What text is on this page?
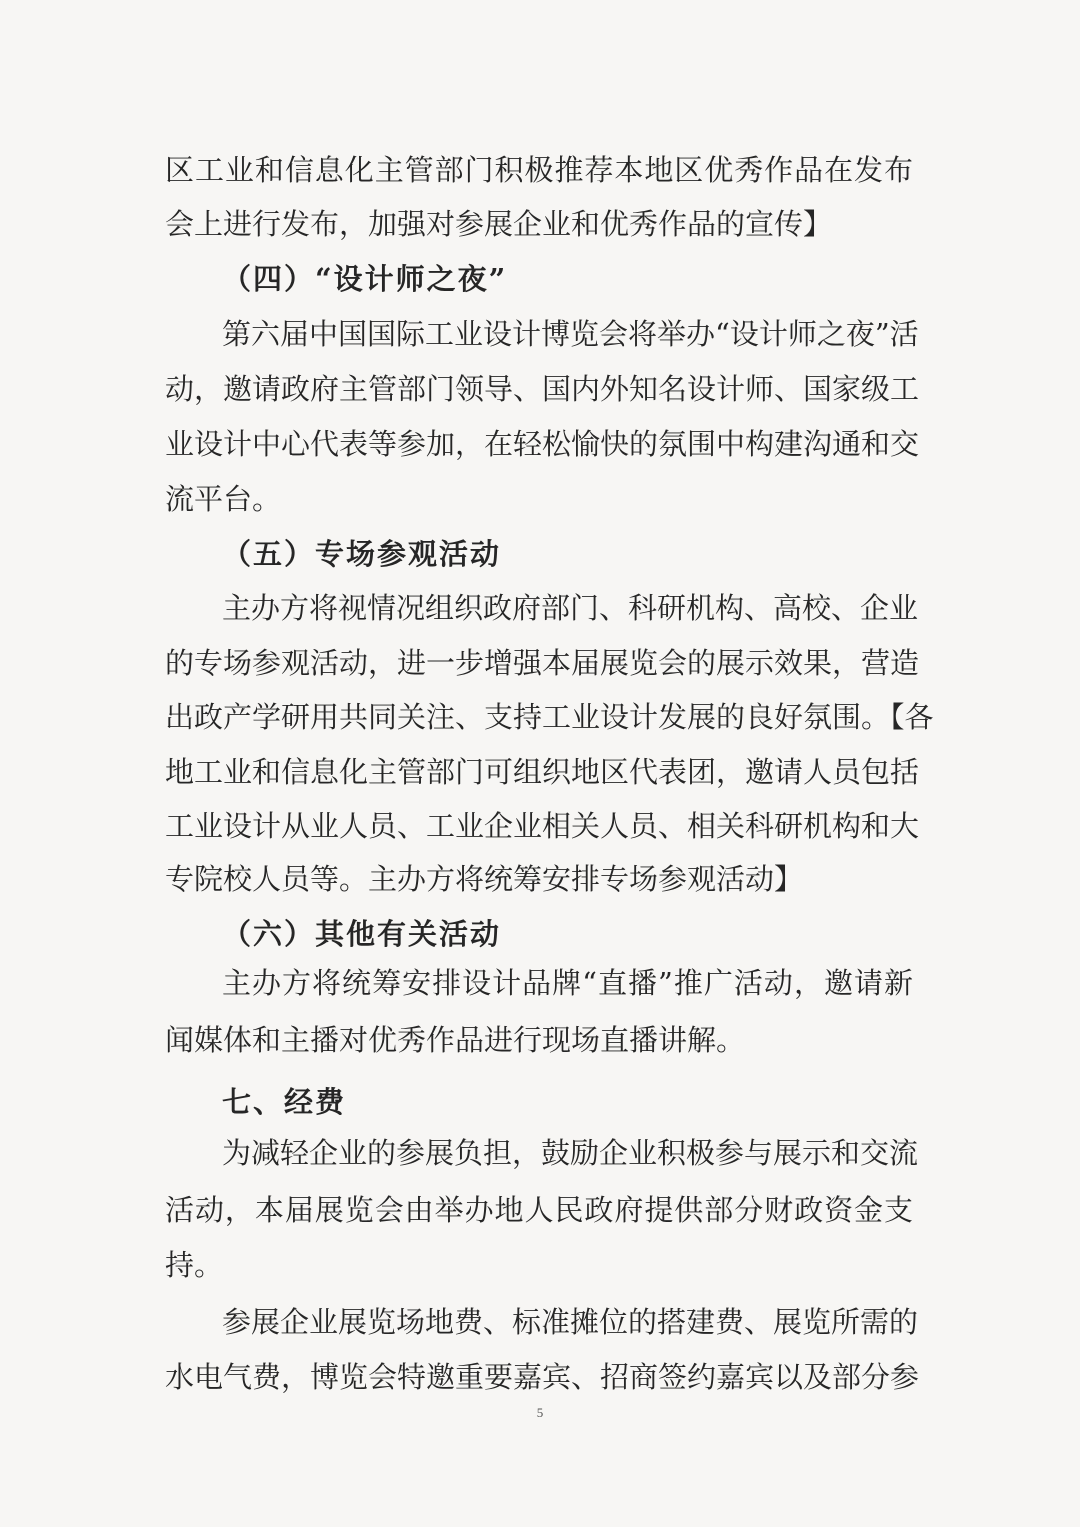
区工业和信息化主管部门积极推荐本地区优秀作品在发布
会上进行发布，加强对参展企业和优秀作品的宣传】
（四）“设计师之夜”
第六届中国国际工业设计博览会将举办“设计师之夜”活
动，邀请政府主管部门领导、国内外知名设计师、国家级工
业设计中心代表等参加，在轻松愉快的氛围中构建沟通和交
流平台。
（五）专场参观活动
主办方将视情况组织政府部门、科研机构、高校、企业
的专场参观活动，进一步增强本届展览会的展示效果，营造
出政产学研用共同关注、支持工业设计发展的良好氛围。【各
地工业和信息化主管部门可组织地区代表团，邀请人员包括
工业设计从业人员、工业企业相关人员、相关科研机构和大
专院校人员等。主办方将统筹安排专场参观活动】
（六）其他有关活动
主办方将统筹安排设计品牌“直播”推广活动，邀请新
闻媒体和主播对优秀作品进行现场直播讲解。
七、经费
为减轻企业的参展负担，鼓励企业积极参与展示和交流
活动，本届展览会由举办地人民政府提供部分财政资金支
持。
参展企业展览场地费、标准摊位的搭建费、展览所需的
水电气费，博览会特邀重要嘉宾、招商签约嘉宾以及部分参
5
